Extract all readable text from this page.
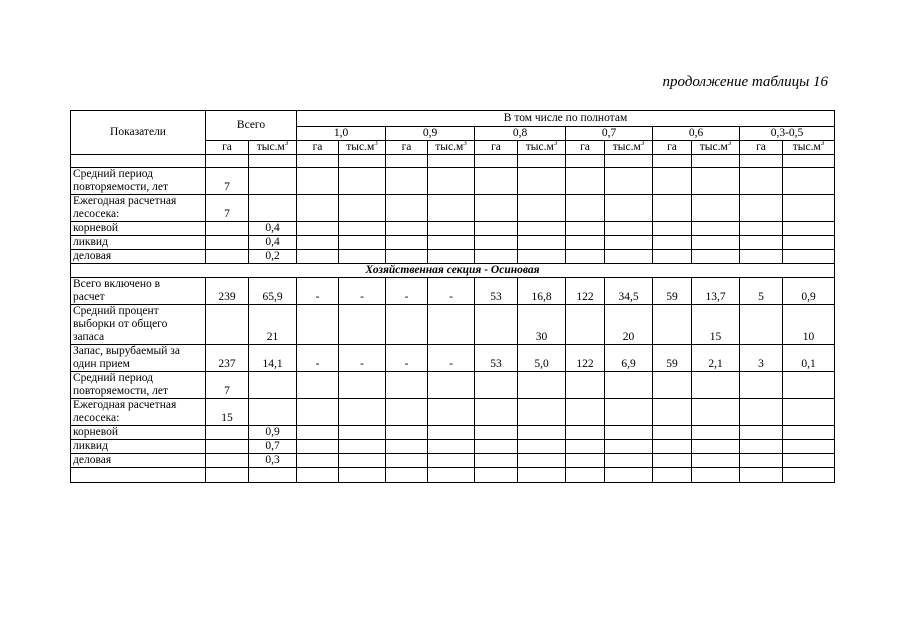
продолжение таблицы 16
Показатели	Всего		В том числе по полнотам											
			1,0		0,9		0,8		0,7		0,6		0,3-0,5	
	га	$тыс.м^3$	га	$тыс.м^3$	га	$тыс.м^3$	га	$тыс.м^3$	га	$тыс.м^3$	га	$тыс.м^3$	га	$тыс.м^3$

Средний период
повторяемости, лет	7													
Ежегодная расчетная
лесосека:	7													
корневой		0,4												
ликвид		0,4												
деловая		0,2												
Хозяйственная секция - Осиновая														
Всего включено в
расчет	239	65,9	-	-	-	-	53	16,8	122	34,5	59	13,7	5	0,9
Средний процент
выборки от общего
запаса		21						30		20		15		10
Запас, вырубаемый за
один прием	237	14,1	-	-	-	-	53	5,0	122	6,9	59	2,1	3	0,1
Средний период
повторяемости, лет	7													
Ежегодная расчетная
лесосека:	15													
корневой		0,9												
ликвид		0,7												
деловая		0,3												
